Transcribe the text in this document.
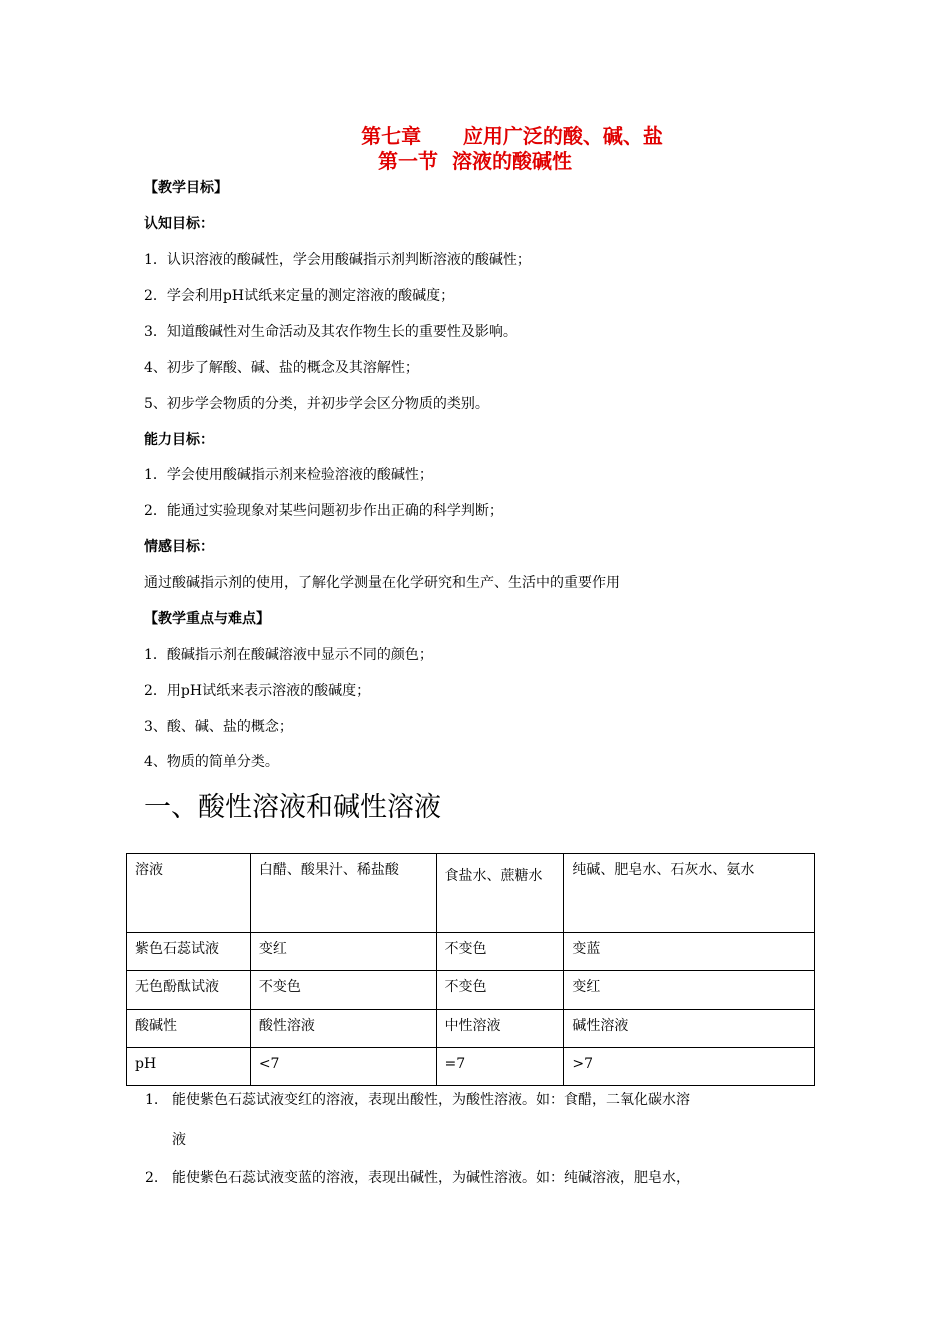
第七章      应用广泛的酸、碱、盐
第一节  溶液的酸碱性
【教学目标】
认知目标：
1．认识溶液的酸碱性，学会用酸碱指示剂判断溶液的酸碱性；
2．学会利用pH试纸来定量的测定溶液的酸碱度；
3．知道酸碱性对生命活动及其农作物生长的重要性及影响。
4、初步了解酸、碱、盐的概念及其溶解性；
5、初步学会物质的分类，并初步学会区分物质的类别。
能力目标：
1．学会使用酸碱指示剂来检验溶液的酸碱性；
2．能通过实验现象对某些问题初步作出正确的科学判断；
情感目标：
通过酸碱指示剂的使用，了解化学测量在化学研究和生产、生活中的重要作用
【教学重点与难点】
1．酸碱指示剂在酸碱溶液中显示不同的颜色；
2．用pH试纸来表示溶液的酸碱度；
3、酸、碱、盐的概念；
4、物质的简单分类。
一、酸性溶液和碱性溶液
溶液	白醋、酸果汁、稀盐酸	食盐水、蔗糖水	纯碱、肥皂水、石灰水、氨水
紫色石蕊试液	变红	不变色	变蓝
无色酚酞试液	不变色	不变色	变红
酸碱性	酸性溶液	中性溶液	碱性溶液
pH	<7	=7	>7
1. 能使紫色石蕊试液变红的溶液，表现出酸性，为酸性溶液。如：食醋，二氧化碳水溶
液
2. 能使紫色石蕊试液变蓝的溶液，表现出碱性，为碱性溶液。如：纯碱溶液，肥皂水，
